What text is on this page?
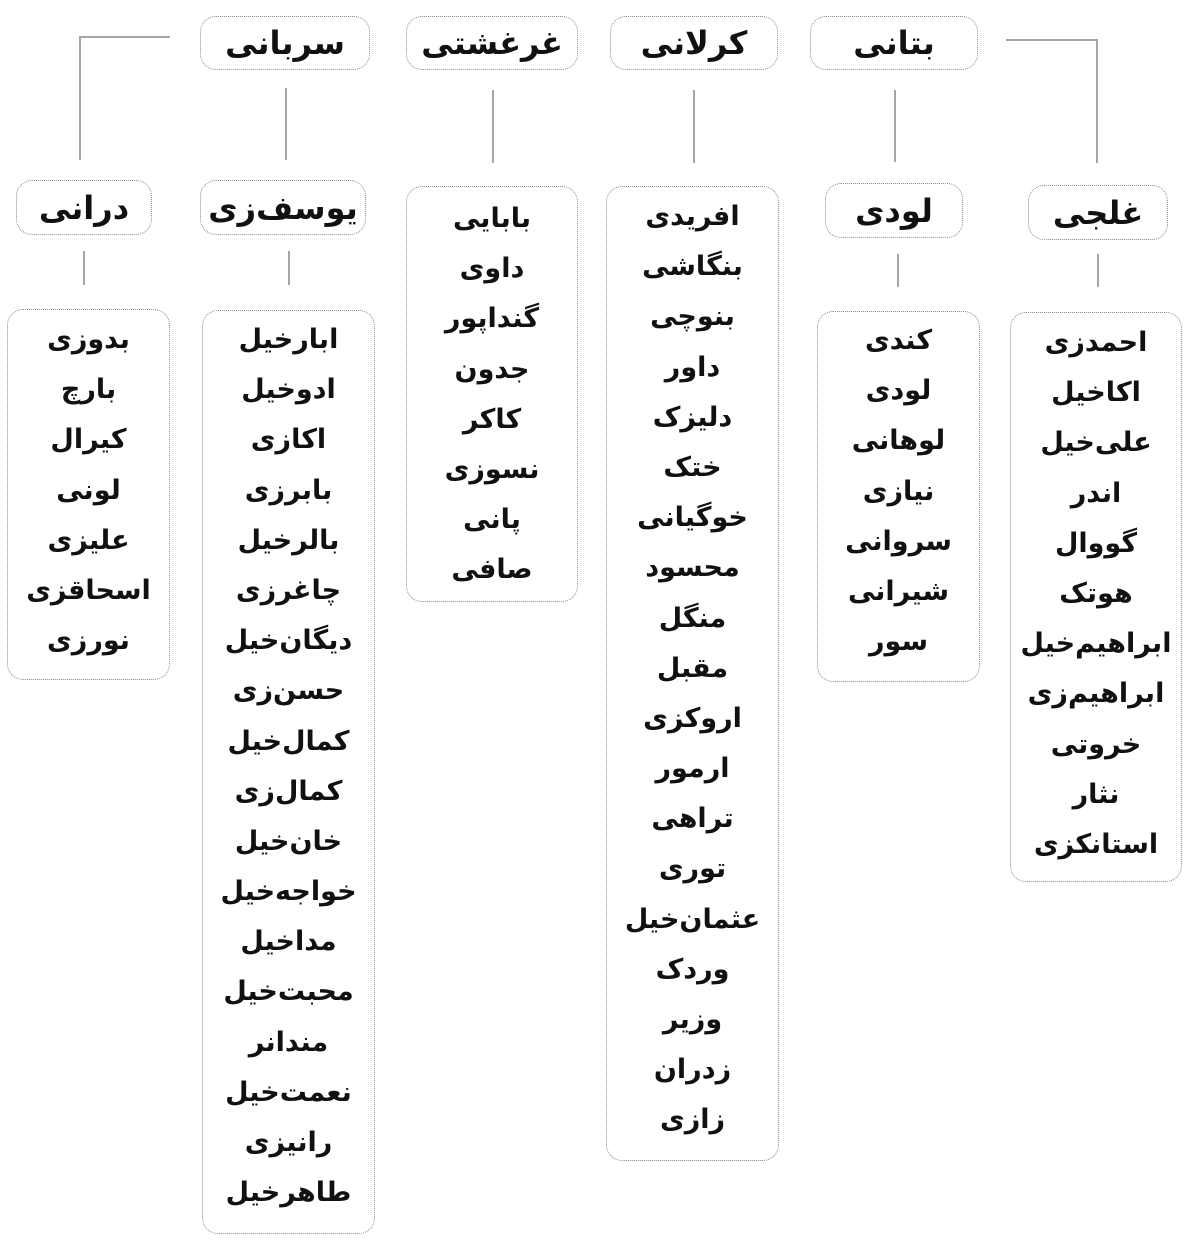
بتانی
کرلانی
غرغشتی
سربانی
غلجی
لودی
یوسف‌زی
درانی
احمدزی
اکاخیل
علی‌خیل
اندر
گووال
هوتک
ابراهیم‌خیل
ابراهیم‌زی
خروتی
نثار
استانکزی
کندی
لودی
لوهانی
نیازی
سروانی
شیرانی
سور
افریدی
بنگاشی
بنوچی
داور
دلیزک
ختک
خوگیانی
محسود
منگل
مقبل
اروکزی
ارمور
تراهی
توری
عثمان‌خیل
وردک
وزیر
زدران
زازی
بابایی
داوی
گنداپور
جدون
کاکر
نسوزی
پانی
صافی
ابارخیل
ادوخیل
اکازی
بابرزی
بالرخیل
چاغرزی
دیگان‌خیل
حسن‌زی
کمال‌خیل
کمال‌زی
خان‌خیل
خواجه‌خیل
مداخیل
محبت‌خیل
مندانر
نعمت‌خیل
رانیزی
طاهرخیل
بدوزی
بارچ
کیرال
لونی
علیزی
اسحاقزی
نورزی
